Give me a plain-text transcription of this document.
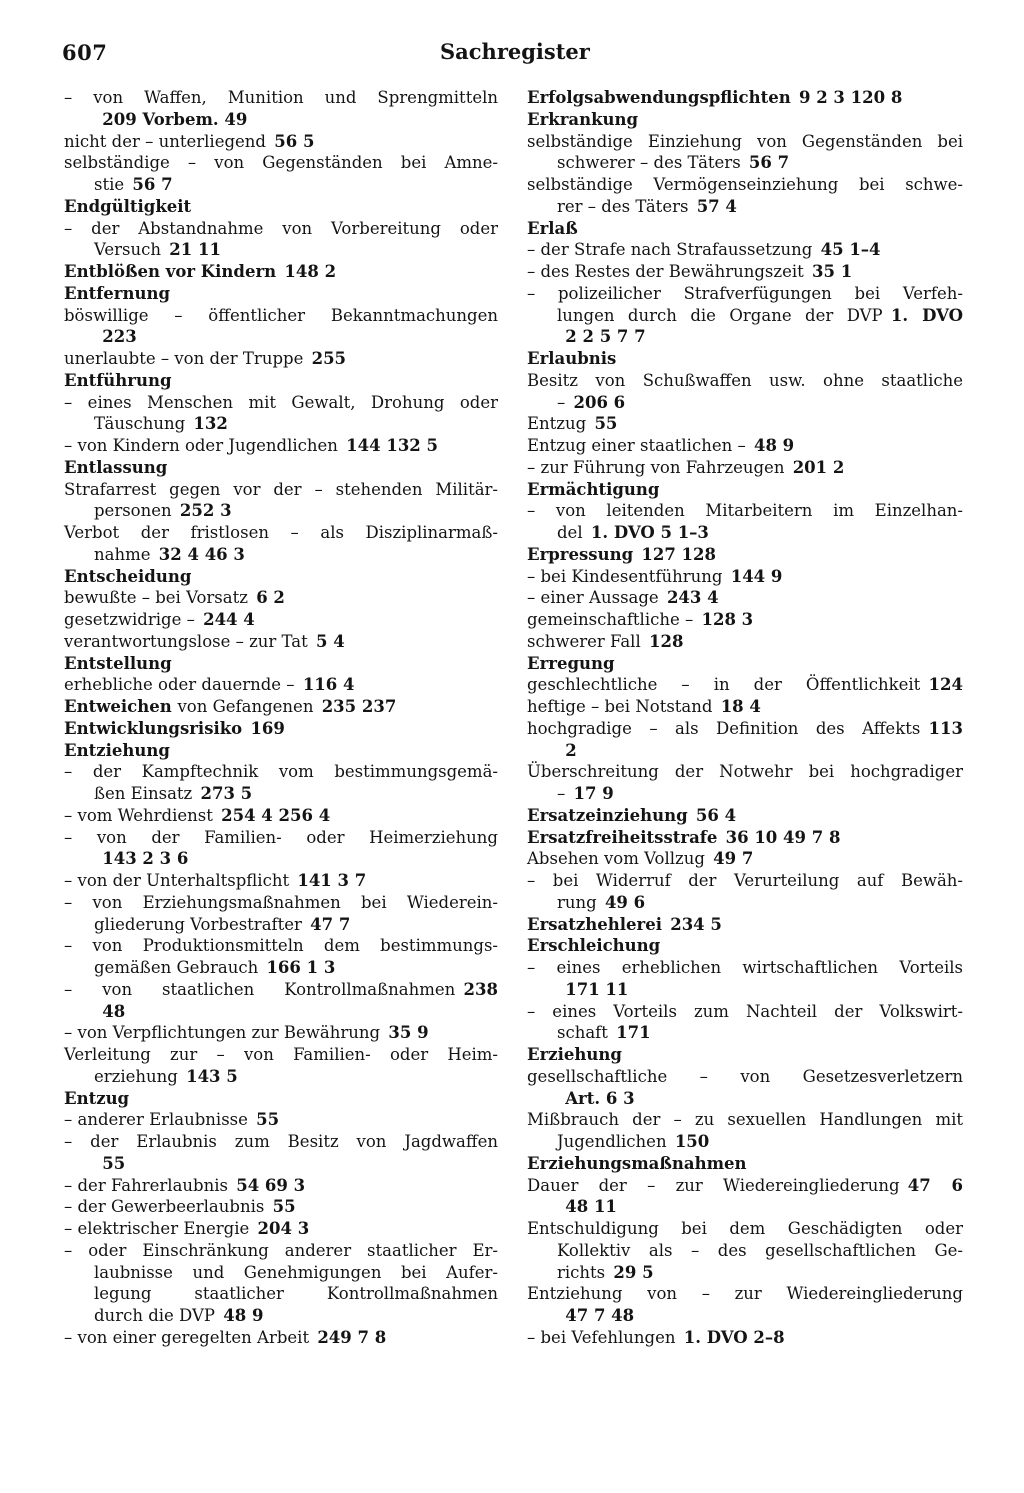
607	Sachregister
– von Waffen, Munition und Sprengmitteln
 209 Vorbem. 49
nicht der – unterliegend  56 5
selbständige – von Gegenständen bei Amne-
stie  56 7
Endgültigkeit
– der Abstandnahme von Vorbereitung oder
Versuch  21 11
Entblößen vor Kindern  148 2
Entfernung
böswillige – öffentlicher Bekanntmachungen
 223
unerlaubte – von der Truppe  255
Entführung
– eines Menschen mit Gewalt, Drohung oder
Täuschung  132
– von Kindern oder Jugendlichen  144 132 5
Entlassung
Strafarrest gegen vor der – stehenden Militär-
personen  252 3
Verbot der fristlosen – als Disziplinarmaß-
nahme  32 4 46 3
Entscheidung
bewußte – bei Vorsatz  6 2
gesetzwidrige –  244 4
verantwortungslose – zur Tat  5 4
Entstellung
erhebliche oder dauernde –  116 4
Entweichen von Gefangenen  235 237
Entwicklungsrisiko  169
Entziehung
– der Kampftechnik vom bestimmungsgemä-
ßen Einsatz  273 5
– vom Wehrdienst  254 4 256 4
– von der Familien- oder Heimerziehung
 143 2 3 6
– von der Unterhaltspflicht  141 3 7
– von Erziehungsmaßnahmen bei Wiederein-
gliederung Vorbestrafter  47 7
– von Produktionsmitteln dem bestimmungs-
gemäßen Gebrauch  166 1 3
– von staatlichen Kontrollmaßnahmen  238
 48
– von Verpflichtungen zur Bewährung  35 9
Verleitung zur – von Familien- oder Heim-
erziehung  143 5
Entzug
– anderer Erlaubnisse  55
– der Erlaubnis zum Besitz von Jagdwaffen
 55
– der Fahrerlaubnis  54 69 3
– der Gewerbeerlaubnis  55
– elektrischer Energie  204 3
– oder Einschränkung anderer staatlicher Er-
laubnisse und Genehmigungen bei Aufer-
legung staatlicher Kontrollmaßnahmen
durch die DVP  48 9
– von einer geregelten Arbeit  249 7 8
Erfolgsabwendungspflichten  9 2 3 120 8
Erkrankung
selbständige Einziehung von Gegenständen bei
schwerer – des Täters  56 7
selbständige Vermögenseinziehung bei schwe-
rer – des Täters  57 4
Erlaß
– der Strafe nach Strafaussetzung  45 1–4
– des Restes der Bewährungszeit  35 1
– polizeilicher Strafverfügungen bei Verfeh-
lungen durch die Organe der DVP  1. DVO
 2 2 5 7 7
Erlaubnis
Besitz von Schußwaffen usw. ohne staatliche
–  206 6
Entzug  55
Entzug einer staatlichen –  48 9
– zur Führung von Fahrzeugen  201 2
Ermächtigung
– von leitenden Mitarbeitern im Einzelhan-
del  1. DVO 5 1–3
Erpressung  127 128
– bei Kindesentführung  144 9
– einer Aussage  243 4
gemeinschaftliche –  128 3
schwerer Fall  128
Erregung
geschlechtliche – in der Öffentlichkeit  124
heftige – bei Notstand  18 4
hochgradige – als Definition des Affekts  113
 2
Überschreitung der Notwehr bei hochgradiger
–  17 9
Ersatzeinziehung  56 4
Ersatzfreiheitsstrafe  36 10 49 7 8
Absehen vom Vollzug  49 7
– bei Widerruf der Verurteilung auf Bewäh-
rung  49 6
Ersatzhehlerei  234 5
Erschleichung
– eines erheblichen wirtschaftlichen Vorteils
 171 11
– eines Vorteils zum Nachteil der Volkswirt-
schaft  171
Erziehung
gesellschaftliche – von Gesetzesverletzern
 Art. 6 3
Mißbrauch der – zu sexuellen Handlungen mit
Jugendlichen  150
Erziehungsmaßnahmen
Dauer der – zur Wiedereingliederung  47 6
 48 11
Entschuldigung bei dem Geschädigten oder
Kollektiv als – des gesellschaftlichen Ge-
richts  29 5
Entziehung von – zur Wiedereingliederung
 47 7 48
– bei Vefehlungen  1. DVO 2–8
